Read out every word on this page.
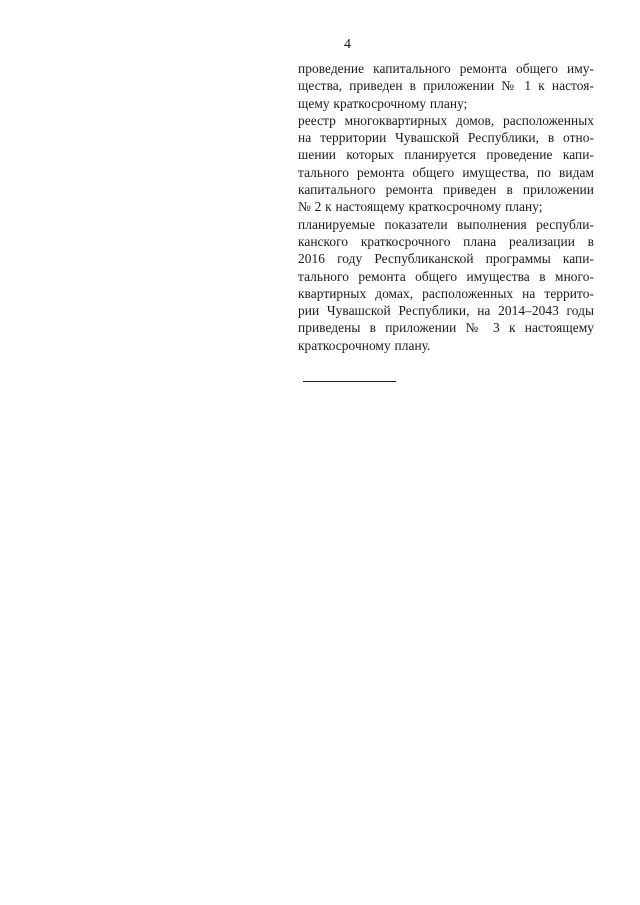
4

проведение капитального ремонта общего иму-
щества, приведен в приложении № 1 к настоя-
щему краткосрочному плану;

реестр многоквартирных домов, расположенных
на территории Чувашской Республики, в отно-
шении которых планируется проведение капи-
тального ремонта общего имущества, по видам
капитального ремонта приведен в приложении
№ 2 к настоящему краткосрочному плану;

планируемые показатели выполнения республи-
канского краткосрочного плана реализации в
2016 году Республиканской программы капи-
тального ремонта общего имущества в много-
квартирных домах, расположенных на террито-
рии Чувашской Республики, на 2014–2043 годы
приведены в приложении № 3 к настоящему
краткосрочному плану.
